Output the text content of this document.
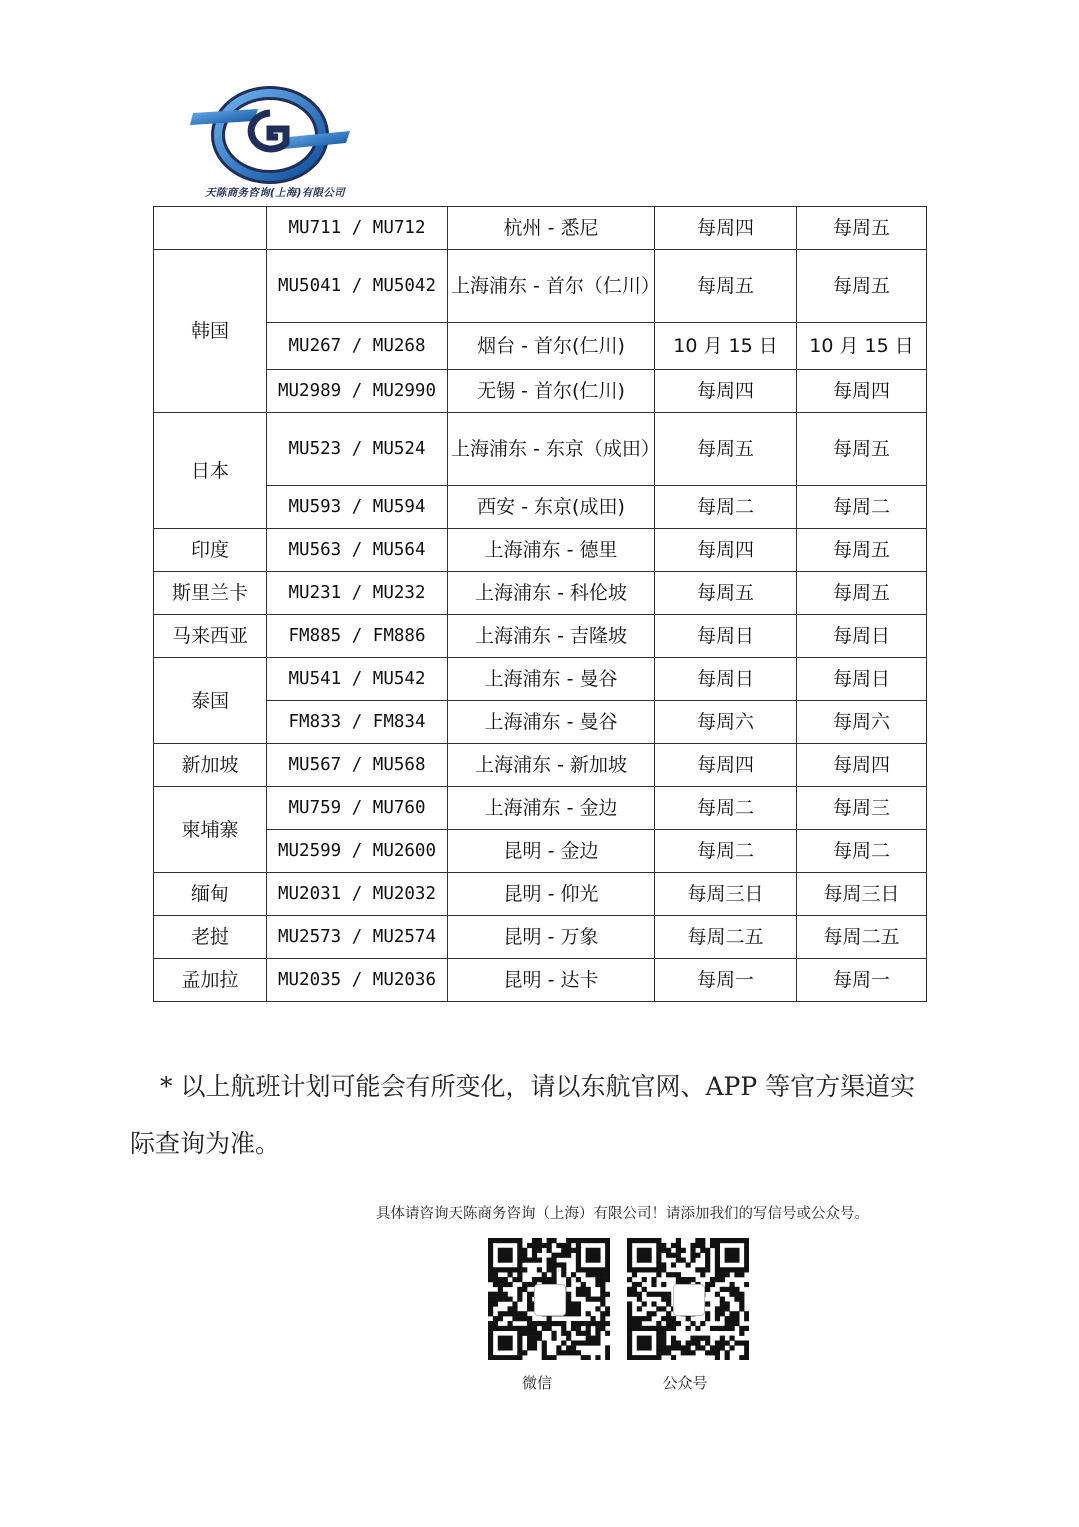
天陈商务咨询(上海)有限公司
	MU711 / MU712	杭州 - 悉尼	每周四	每周五
韩国	MU5041 / MU5042	上海浦东 - 首尔（仁川）	每周五	每周五
	MU267 / MU268	烟台 - 首尔(仁川)	10 月 15 日	10 月 15 日
	MU2989 / MU2990	无锡 - 首尔(仁川)	每周四	每周四
日本	MU523 / MU524	上海浦东 - 东京（成田）	每周五	每周五
	MU593 / MU594	西安 - 东京(成田)	每周二	每周二
印度	MU563 / MU564	上海浦东 - 德里	每周四	每周五
斯里兰卡	MU231 / MU232	上海浦东 - 科伦坡	每周五	每周五
马来西亚	FM885 / FM886	上海浦东 - 吉隆坡	每周日	每周日
泰国	MU541 / MU542	上海浦东 - 曼谷	每周日	每周日
	FM833 / FM834	上海浦东 - 曼谷	每周六	每周六
新加坡	MU567 / MU568	上海浦东 - 新加坡	每周四	每周四
柬埔寨	MU759 / MU760	上海浦东 - 金边	每周二	每周三
	MU2599 / MU2600	昆明 - 金边	每周二	每周二
缅甸	MU2031 / MU2032	昆明 - 仰光	每周三日	每周三日
老挝	MU2573 / MU2574	昆明 - 万象	每周二五	每周二五
孟加拉	MU2035 / MU2036	昆明 - 达卡	每周一	每周一

* 以上航班计划可能会有所变化，请以东航官网、APP 等官方渠道实际查询为准。

具体请咨询天陈商务咨询（上海）有限公司！请添加我们的写信号或公众号。
微信	公众号
